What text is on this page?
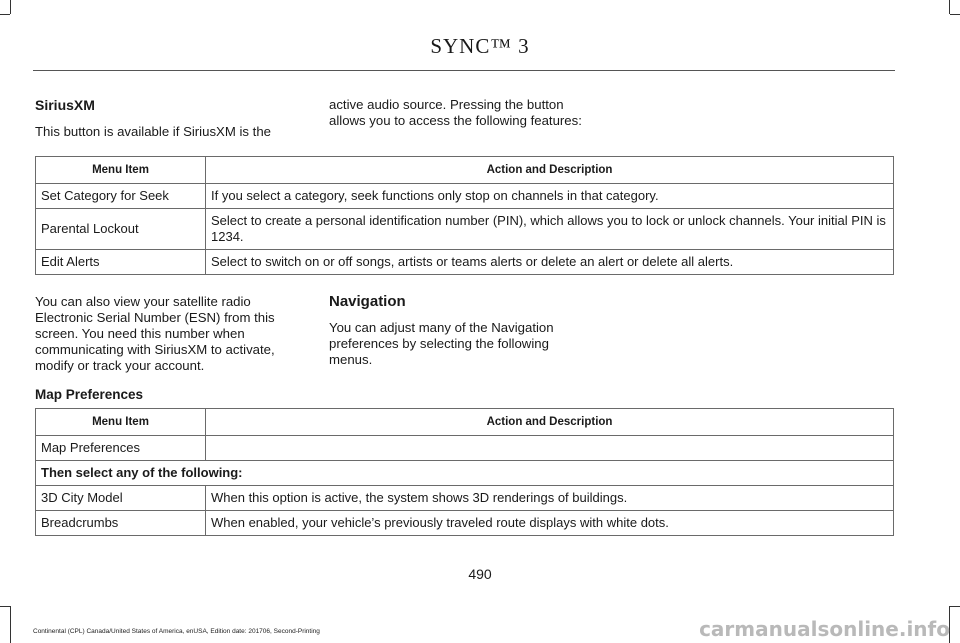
SYNC™ 3
SiriusXM
This button is available if SiriusXM is the
active audio source. Pressing the button allows you to access the following features:
Menu Item	Action and Description
Set Category for Seek	If you select a category, seek functions only stop on channels in that category.
Parental Lockout	Select to create a personal identification number (PIN), which allows you to lock or unlock channels. Your initial PIN is 1234.
Edit Alerts	Select to switch on or off songs, artists or teams alerts or delete an alert or delete all alerts.
You can also view your satellite radio Electronic Serial Number (ESN) from this screen. You need this number when communicating with SiriusXM to activate, modify or track your account.
Navigation
You can adjust many of the Navigation preferences by selecting the following menus.
Map Preferences
Menu Item	Action and Description
Map Preferences	
Then select any of the following:	
3D City Model	When this option is active, the system shows 3D renderings of buildings.
Breadcrumbs	When enabled, your vehicle’s previously traveled route displays with white dots.
490
Continental (CPL) Canada/United States of America, enUSA, Edition date: 201706, Second-Printing	carmanualsonline.info
